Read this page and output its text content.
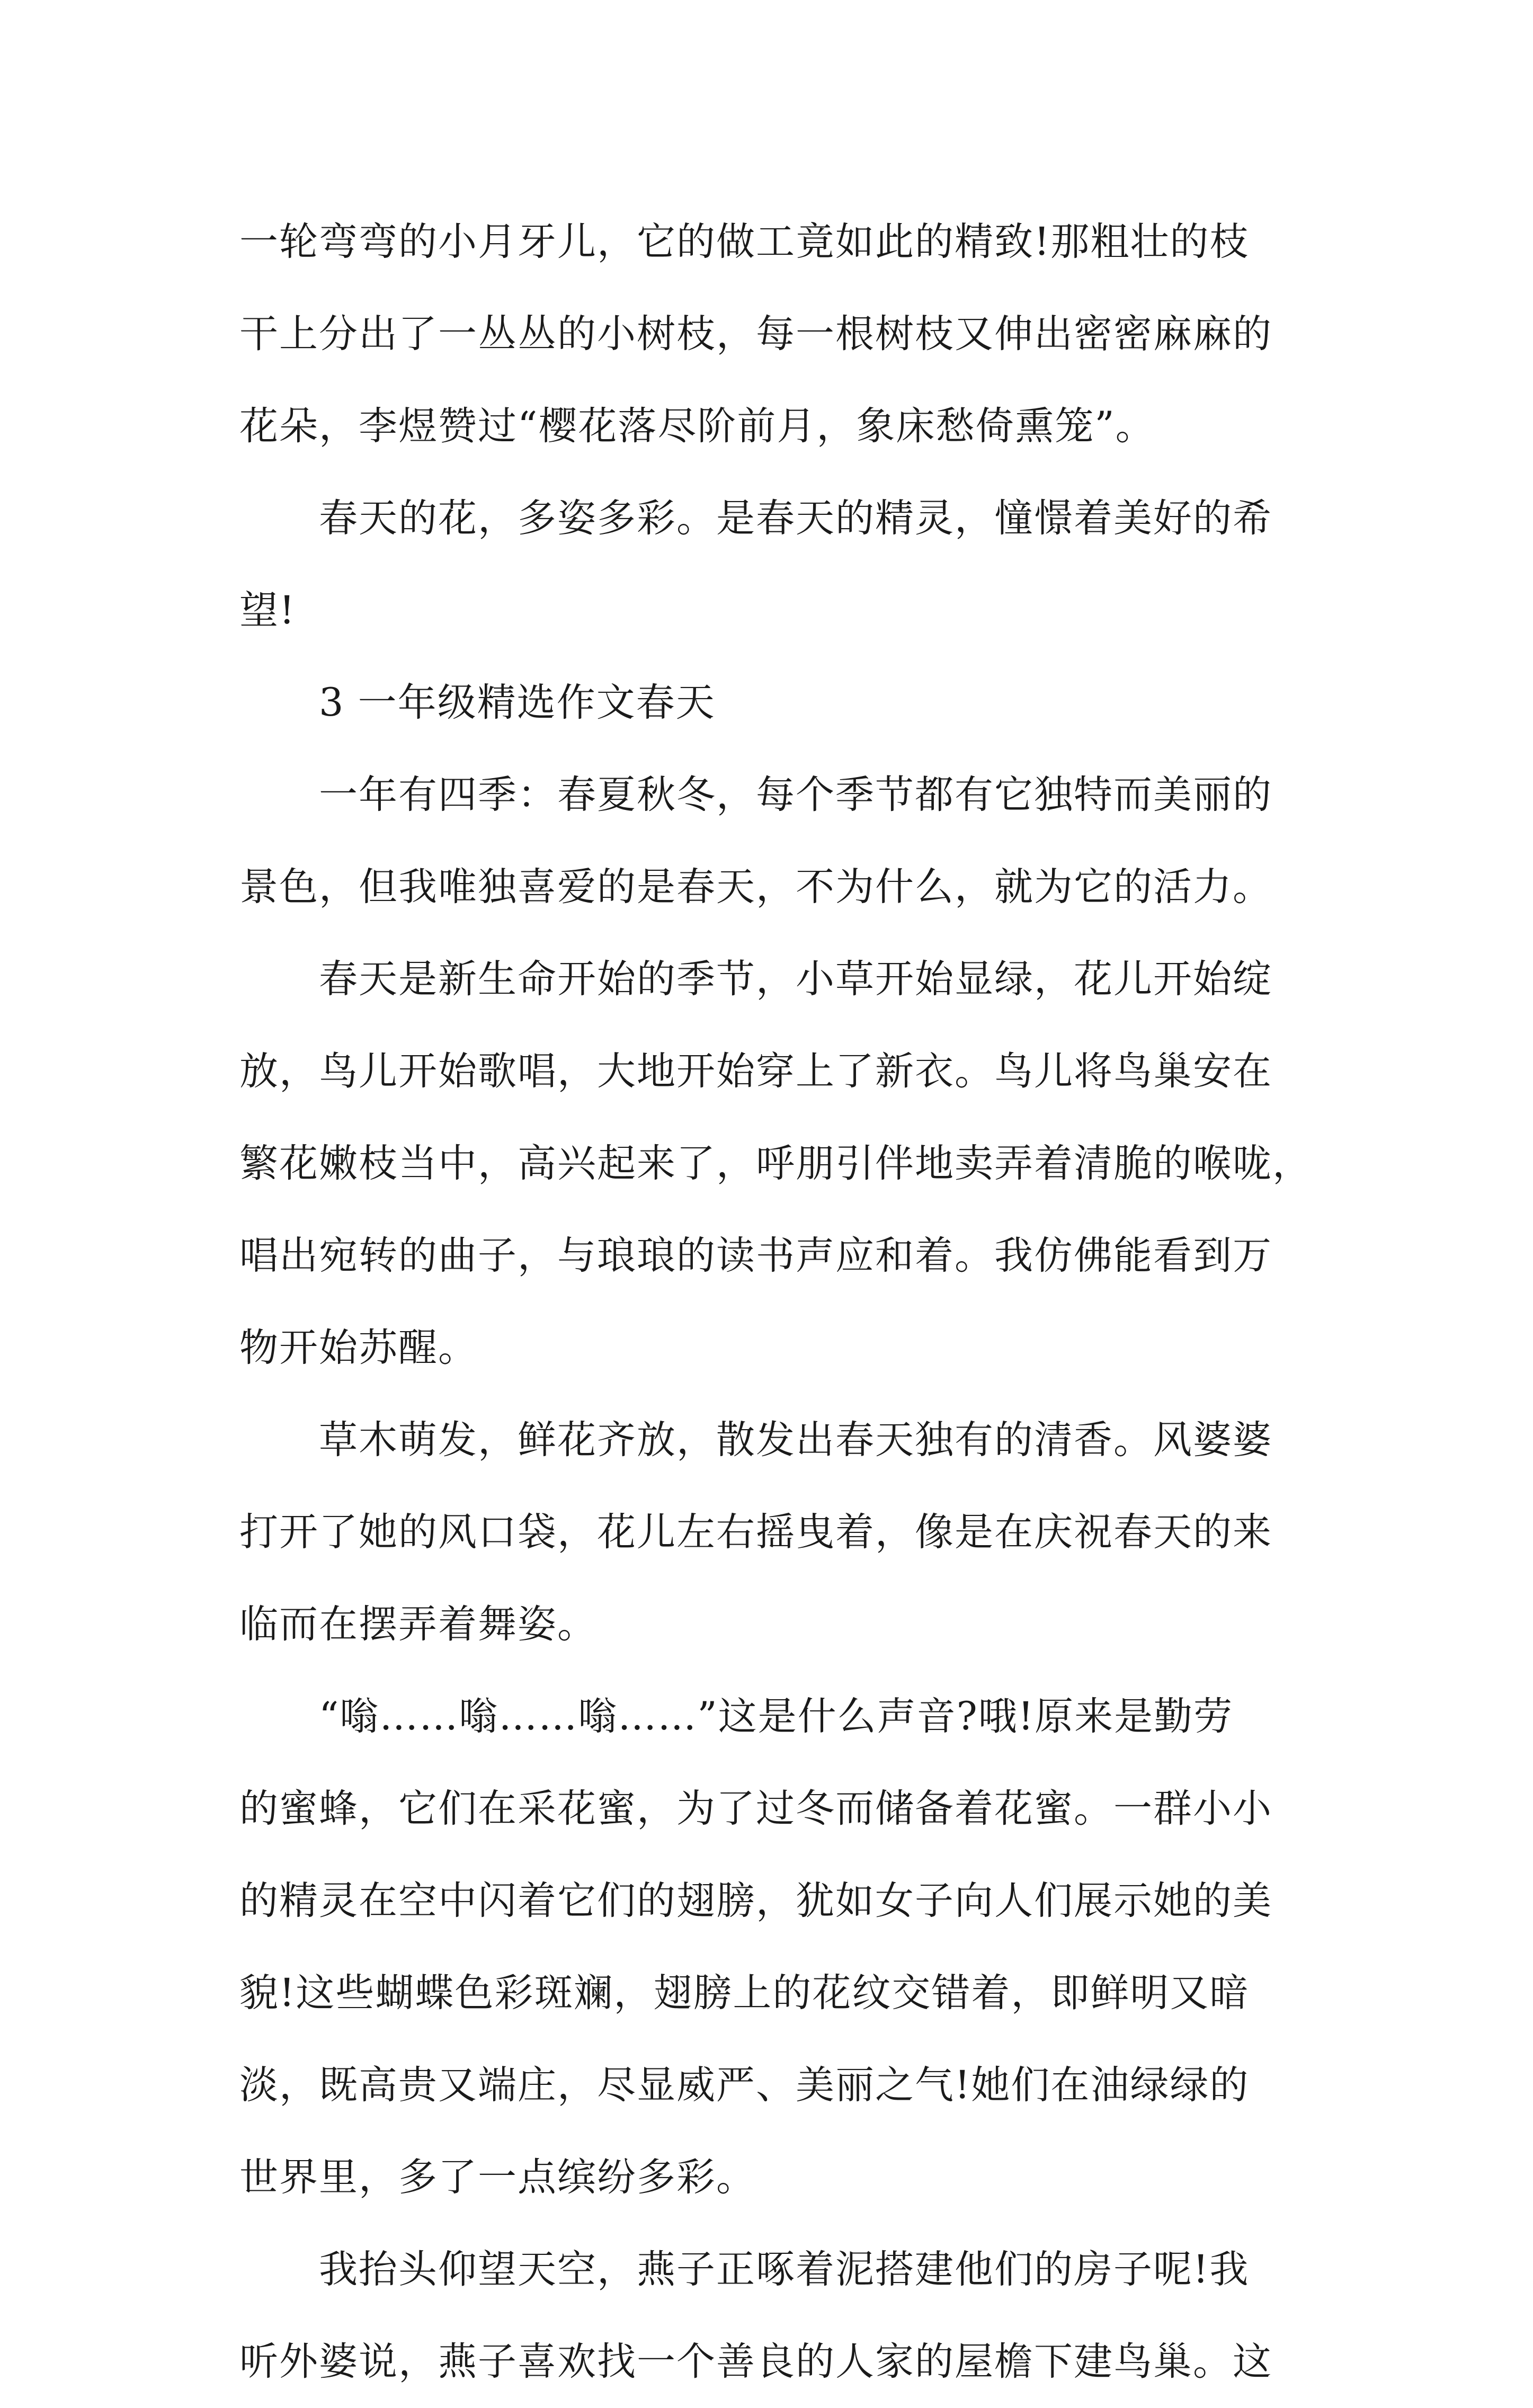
一轮弯弯的小月牙儿，它的做工竟如此的精致!那粗壮的枝
干上分出了一丛丛的小树枝，每一根树枝又伸出密密麻麻的
花朵，李煜赞过“樱花落尽阶前月，象床愁倚熏笼”。
春天的花，多姿多彩。是春天的精灵，憧憬着美好的希
望!
3 一年级精选作文春天
一年有四季：春夏秋冬，每个季节都有它独特而美丽的
景色，但我唯独喜爱的是春天，不为什么，就为它的活力。
春天是新生命开始的季节，小草开始显绿，花儿开始绽
放，鸟儿开始歌唱，大地开始穿上了新衣。鸟儿将鸟巢安在
繁花嫩枝当中，高兴起来了，呼朋引伴地卖弄着清脆的喉咙，
唱出宛转的曲子，与琅琅的读书声应和着。我仿佛能看到万
物开始苏醒。
草木萌发，鲜花齐放，散发出春天独有的清香。风婆婆
打开了她的风口袋，花儿左右摇曳着，像是在庆祝春天的来
临而在摆弄着舞姿。
“嗡……嗡……嗡……”这是什么声音?哦!原来是勤劳
的蜜蜂，它们在采花蜜，为了过冬而储备着花蜜。一群小小
的精灵在空中闪着它们的翅膀，犹如女子向人们展示她的美
貌!这些蝴蝶色彩斑斓，翅膀上的花纹交错着，即鲜明又暗
淡，既高贵又端庄，尽显威严、美丽之气!她们在油绿绿的
世界里，多了一点缤纷多彩。
我抬头仰望天空，燕子正啄着泥搭建他们的房子呢!我
听外婆说，燕子喜欢找一个善良的人家的屋檐下建鸟巢。这
